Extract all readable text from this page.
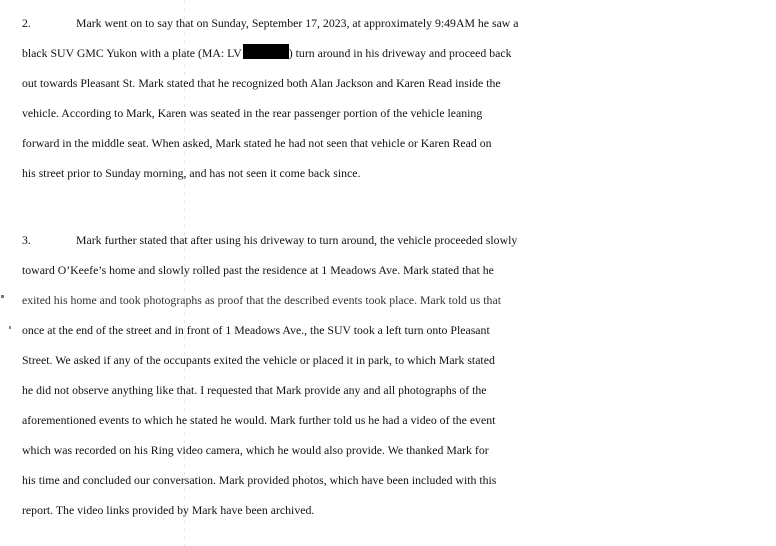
2.	Mark went on to say that on Sunday, September 17, 2023, at approximately 9:49AM he saw a
black SUV GMC Yukon with a plate (MA: LV	) turn around in his driveway and proceed back
out towards Pleasant St. Mark stated that he recognized both Alan Jackson and Karen Read inside the
vehicle. According to Mark, Karen was seated in the rear passenger portion of the vehicle leaning
forward in the middle seat. When asked, Mark stated he had not seen that vehicle or Karen Read on
his street prior to Sunday morning, and has not seen it come back since.
3.	Mark further stated that after using his driveway to turn around, the vehicle proceeded slowly
toward O’Keefe’s home and slowly rolled past the residence at 1 Meadows Ave. Mark stated that he
exited his home and took photographs as proof that the described events took place. Mark told us that
once at the end of the street and in front of 1 Meadows Ave., the SUV took a left turn onto Pleasant
Street. We asked if any of the occupants exited the vehicle or placed it in park, to which Mark stated
he did not observe anything like that. I requested that Mark provide any and all photographs of the
aforementioned events to which he stated he would. Mark further told us he had a video of the event
which was recorded on his Ring video camera, which he would also provide. We thanked Mark for
his time and concluded our conversation. Mark provided photos, which have been included with this
report. The video links provided by Mark have been archived.
